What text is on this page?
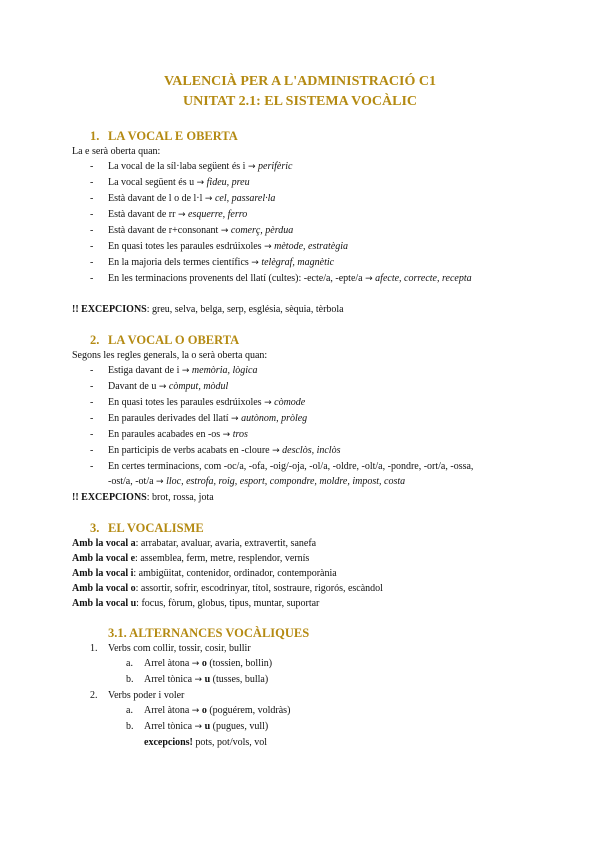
VALENCIÀ PER A L'ADMINISTRACIÓ C1

UNITAT 2.1: EL SISTEMA VOCÀLIC

1. LA VOCAL E OBERTA

La e serà oberta quan:

- La vocal de la síl·laba següent és i → perifèric
- La vocal següent és u → fideu, preu
- Està davant de l o de l·l → cel, passarel·la
- Està davant de rr → esquerre, ferro
- Està davant de r+consonant → comerç, pèrdua
- En quasi totes les paraules esdrúixoles → mètode, estratègia
- En la majoria dels termes científics → telègraf, magnètic
- En les terminacions provenents del llatí (cultes): -ecte/a, -epte/a → afecte, correcte, recepta

!! EXCEPCIONS: greu, selva, belga, serp, església, sèquia, tèrbola

2. LA VOCAL O OBERTA

Segons les regles generals, la o serà oberta quan:

- Estiga davant de i → memòria, lògica
- Davant de u → còmput, mòdul
- En quasi totes les paraules esdrúixoles → còmode
- En paraules derivades del llatí → autònom, pròleg
- En paraules acabades en -os → tros
- En participis de verbs acabats en -cloure → desclòs, inclòs
- En certes terminacions, com -oc/a, -ofa, -oig/-oja, -ol/a, -oldre, -olt/a, -pondre, -ort/a, -ossa,
-ost/a, -ot/a → lloc, estrofa, roig, esport, compondre, moldre, impost, costa

!! EXCEPCIONS: brot, rossa, jota

3. EL VOCALISME

Amb la vocal a: arrabatar, avaluar, avaria, extravertit, sanefa

Amb la vocal e: assemblea, ferm, metre, resplendor, vernís

Amb la vocal i: ambigüitat, contenidor, ordinador, contemporània

Amb la vocal o: assortir, sofrir, escodrinyar, títol, sostraure, rigorós, escàndol

Amb la vocal u: focus, fòrum, globus, tipus, muntar, suportar

3.1. ALTERNANCES VOCÀLIQUES

1. Verbs com collir, tossir, cosir, bullir
a. Arrel àtona → o (tossien, bollin)
b. Arrel tònica → u (tusses, bulla)
2. Verbs poder i voler
a. Arrel àtona → o (poguérem, voldràs)
b. Arrel tònica → u (pugues, vull)
excepcions! pots, pot/vols, vol
